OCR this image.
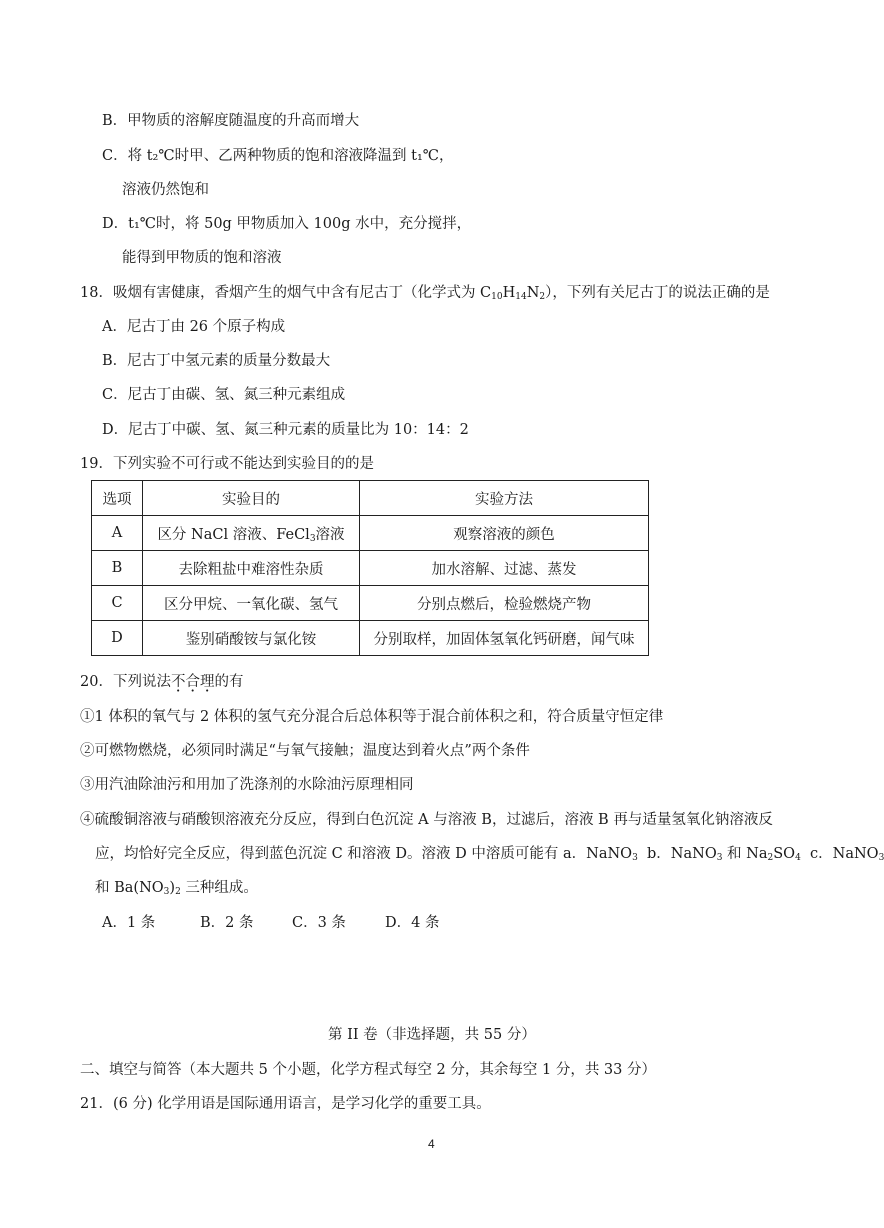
B．甲物质的溶解度随温度的升高而增大
C．将 t₂℃时甲、乙两种物质的饱和溶液降温到 t₁℃，
溶液仍然饱和
D．t₁℃时，将 50g 甲物质加入 100g 水中，充分搅拌，
能得到甲物质的饱和溶液
18．吸烟有害健康，香烟产生的烟气中含有尼古丁（化学式为 $C_{10}H_{14}N_2$），下列有关尼古丁的说法正确的是
A．尼古丁由 26 个原子构成
B．尼古丁中氢元素的质量分数最大
C．尼古丁由碳、氢、氮三种元素组成
D．尼古丁中碳、氢、氮三种元素的质量比为 10：14：2
19．下列实验不可行或不能达到实验目的的是
选项	实验目的	实验方法
A	区分 NaCl 溶液、FeCl$_3$溶液	观察溶液的颜色
B	去除粗盐中难溶性杂质	加水溶解、过滤、蒸发
C	区分甲烷、一氧化碳、氢气	分别点燃后，检验燃烧产物
D	鉴别硝酸铵与氯化铵	分别取样，加固体氢氧化钙研磨，闻气味
20．下列说法不合理的有
①1 体积的氧气与 2 体积的氢气充分混合后总体积等于混合前体积之和，符合质量守恒定律
②可燃物燃烧，必须同时满足“与氧气接触；温度达到着火点”两个条件
③用汽油除油污和用加了洗涤剂的水除油污原理相同
④硫酸铜溶液与硝酸钡溶液充分反应，得到白色沉淀 A 与溶液 B，过滤后，溶液 B 再与适量氢氧化钠溶液反
应，均恰好完全反应，得到蓝色沉淀 C 和溶液 D。溶液 D 中溶质可能有 a．NaNO$_3$  b．NaNO$_3$ 和 $Na_2SO_4$  c．NaNO$_3$
和 $Ba(NO_3)_2$ 三种组成。
A．1 条	B．2 条	C．3 条	D．4 条
第 II 卷（非选择题，共 55 分）
二、填空与简答（本大题共 5 个小题，化学方程式每空 2 分，其余每空 1 分，共 33 分）
21．(6 分) 化学用语是国际通用语言，是学习化学的重要工具。
4
